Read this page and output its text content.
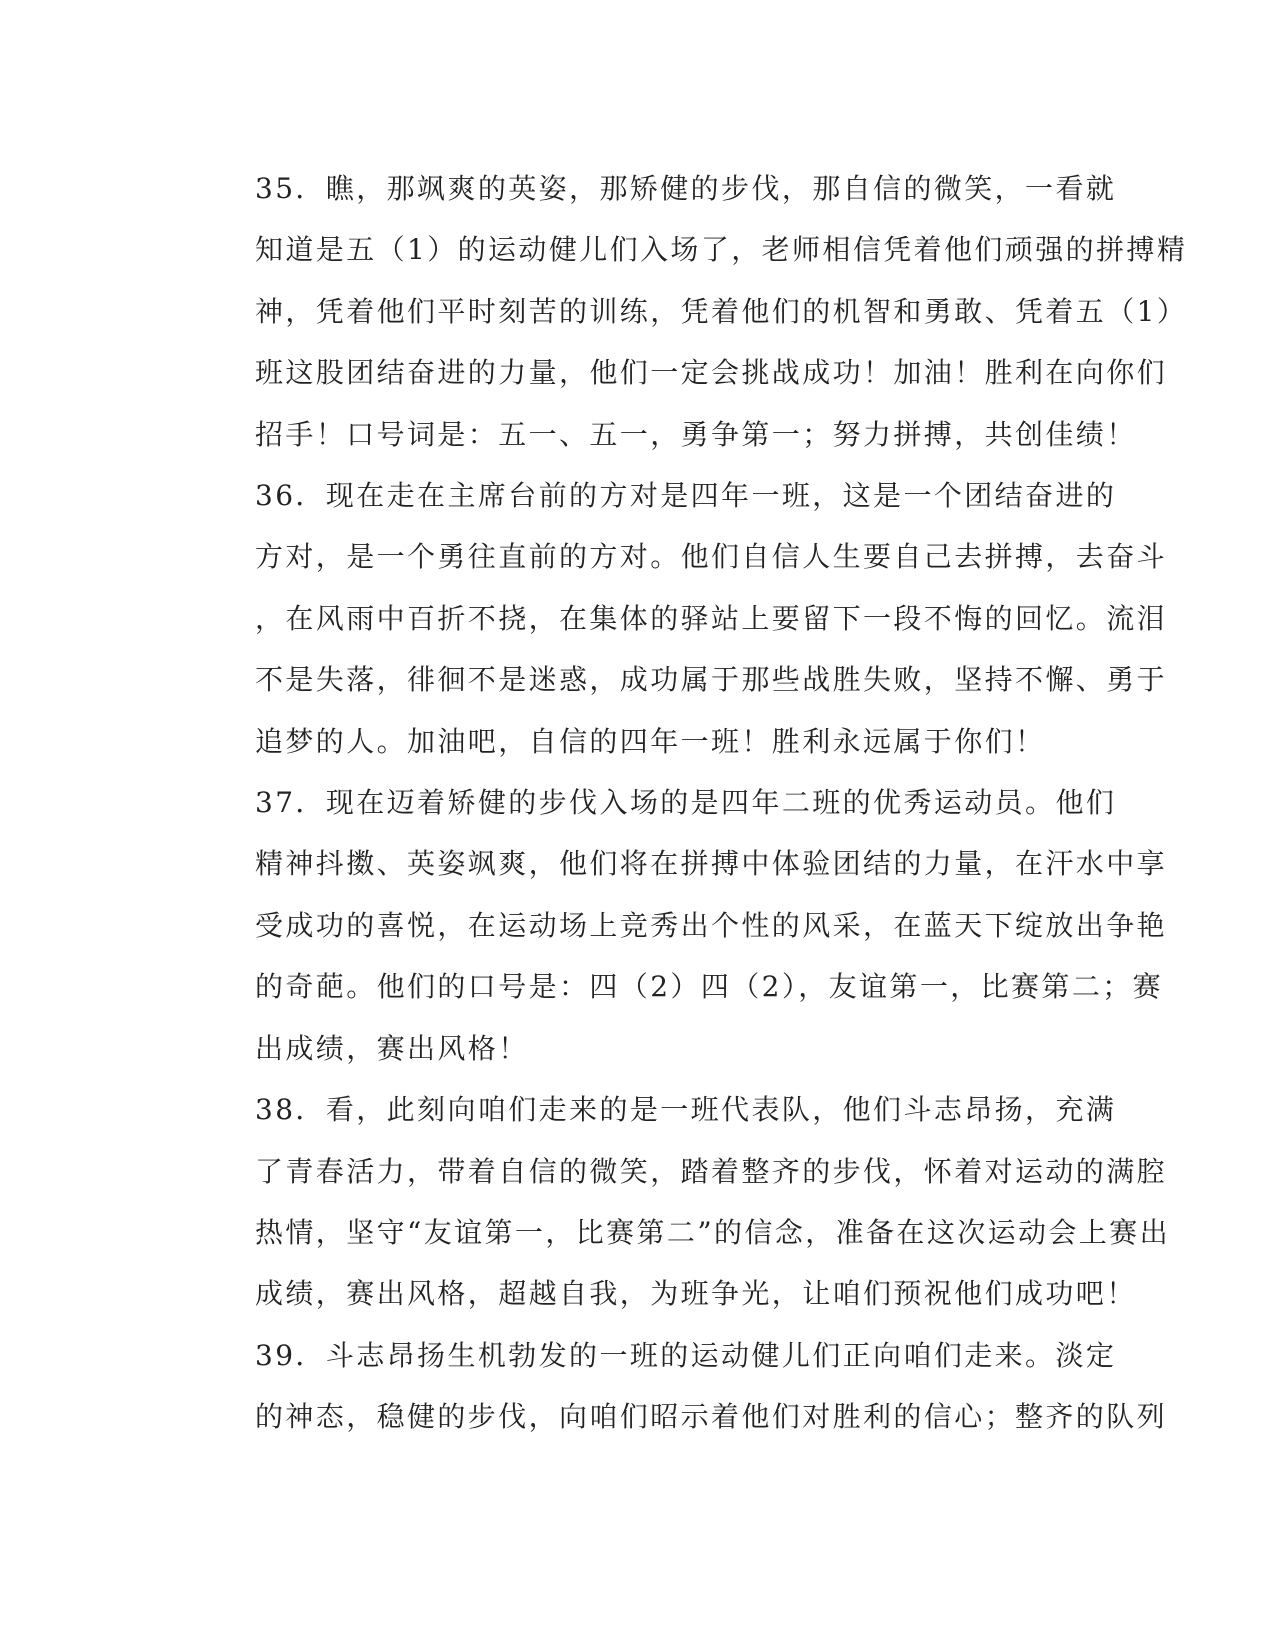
35．瞧，那飒爽的英姿，那矫健的步伐，那自信的微笑，一看就
知道是五（1）的运动健儿们入场了，老师相信凭着他们顽强的拼搏精
神，凭着他们平时刻苦的训练，凭着他们的机智和勇敢、凭着五（1）
班这股团结奋进的力量，他们一定会挑战成功！加油！胜利在向你们
招手！口号词是：五一、五一，勇争第一；努力拼搏，共创佳绩！

36．现在走在主席台前的方对是四年一班，这是一个团结奋进的
方对，是一个勇往直前的方对。他们自信人生要自己去拼搏，去奋斗
，在风雨中百折不挠，在集体的驿站上要留下一段不悔的回忆。流泪
不是失落，徘徊不是迷惑，成功属于那些战胜失败，坚持不懈、勇于
追梦的人。加油吧，自信的四年一班！胜利永远属于你们！

37．现在迈着矫健的步伐入场的是四年二班的优秀运动员。他们
精神抖擞、英姿飒爽，他们将在拼搏中体验团结的力量，在汗水中享
受成功的喜悦，在运动场上竞秀出个性的风采，在蓝天下绽放出争艳
的奇葩。他们的口号是：四（2）四（2），友谊第一，比赛第二；赛
出成绩，赛出风格！

38．看，此刻向咱们走来的是一班代表队，他们斗志昂扬，充满
了青春活力，带着自信的微笑，踏着整齐的步伐，怀着对运动的满腔
热情，坚守“友谊第一，比赛第二”的信念，准备在这次运动会上赛出
成绩，赛出风格，超越自我，为班争光，让咱们预祝他们成功吧！

39．斗志昂扬生机勃发的一班的运动健儿们正向咱们走来。淡定
的神态，稳健的步伐，向咱们昭示着他们对胜利的信心；整齐的队列
